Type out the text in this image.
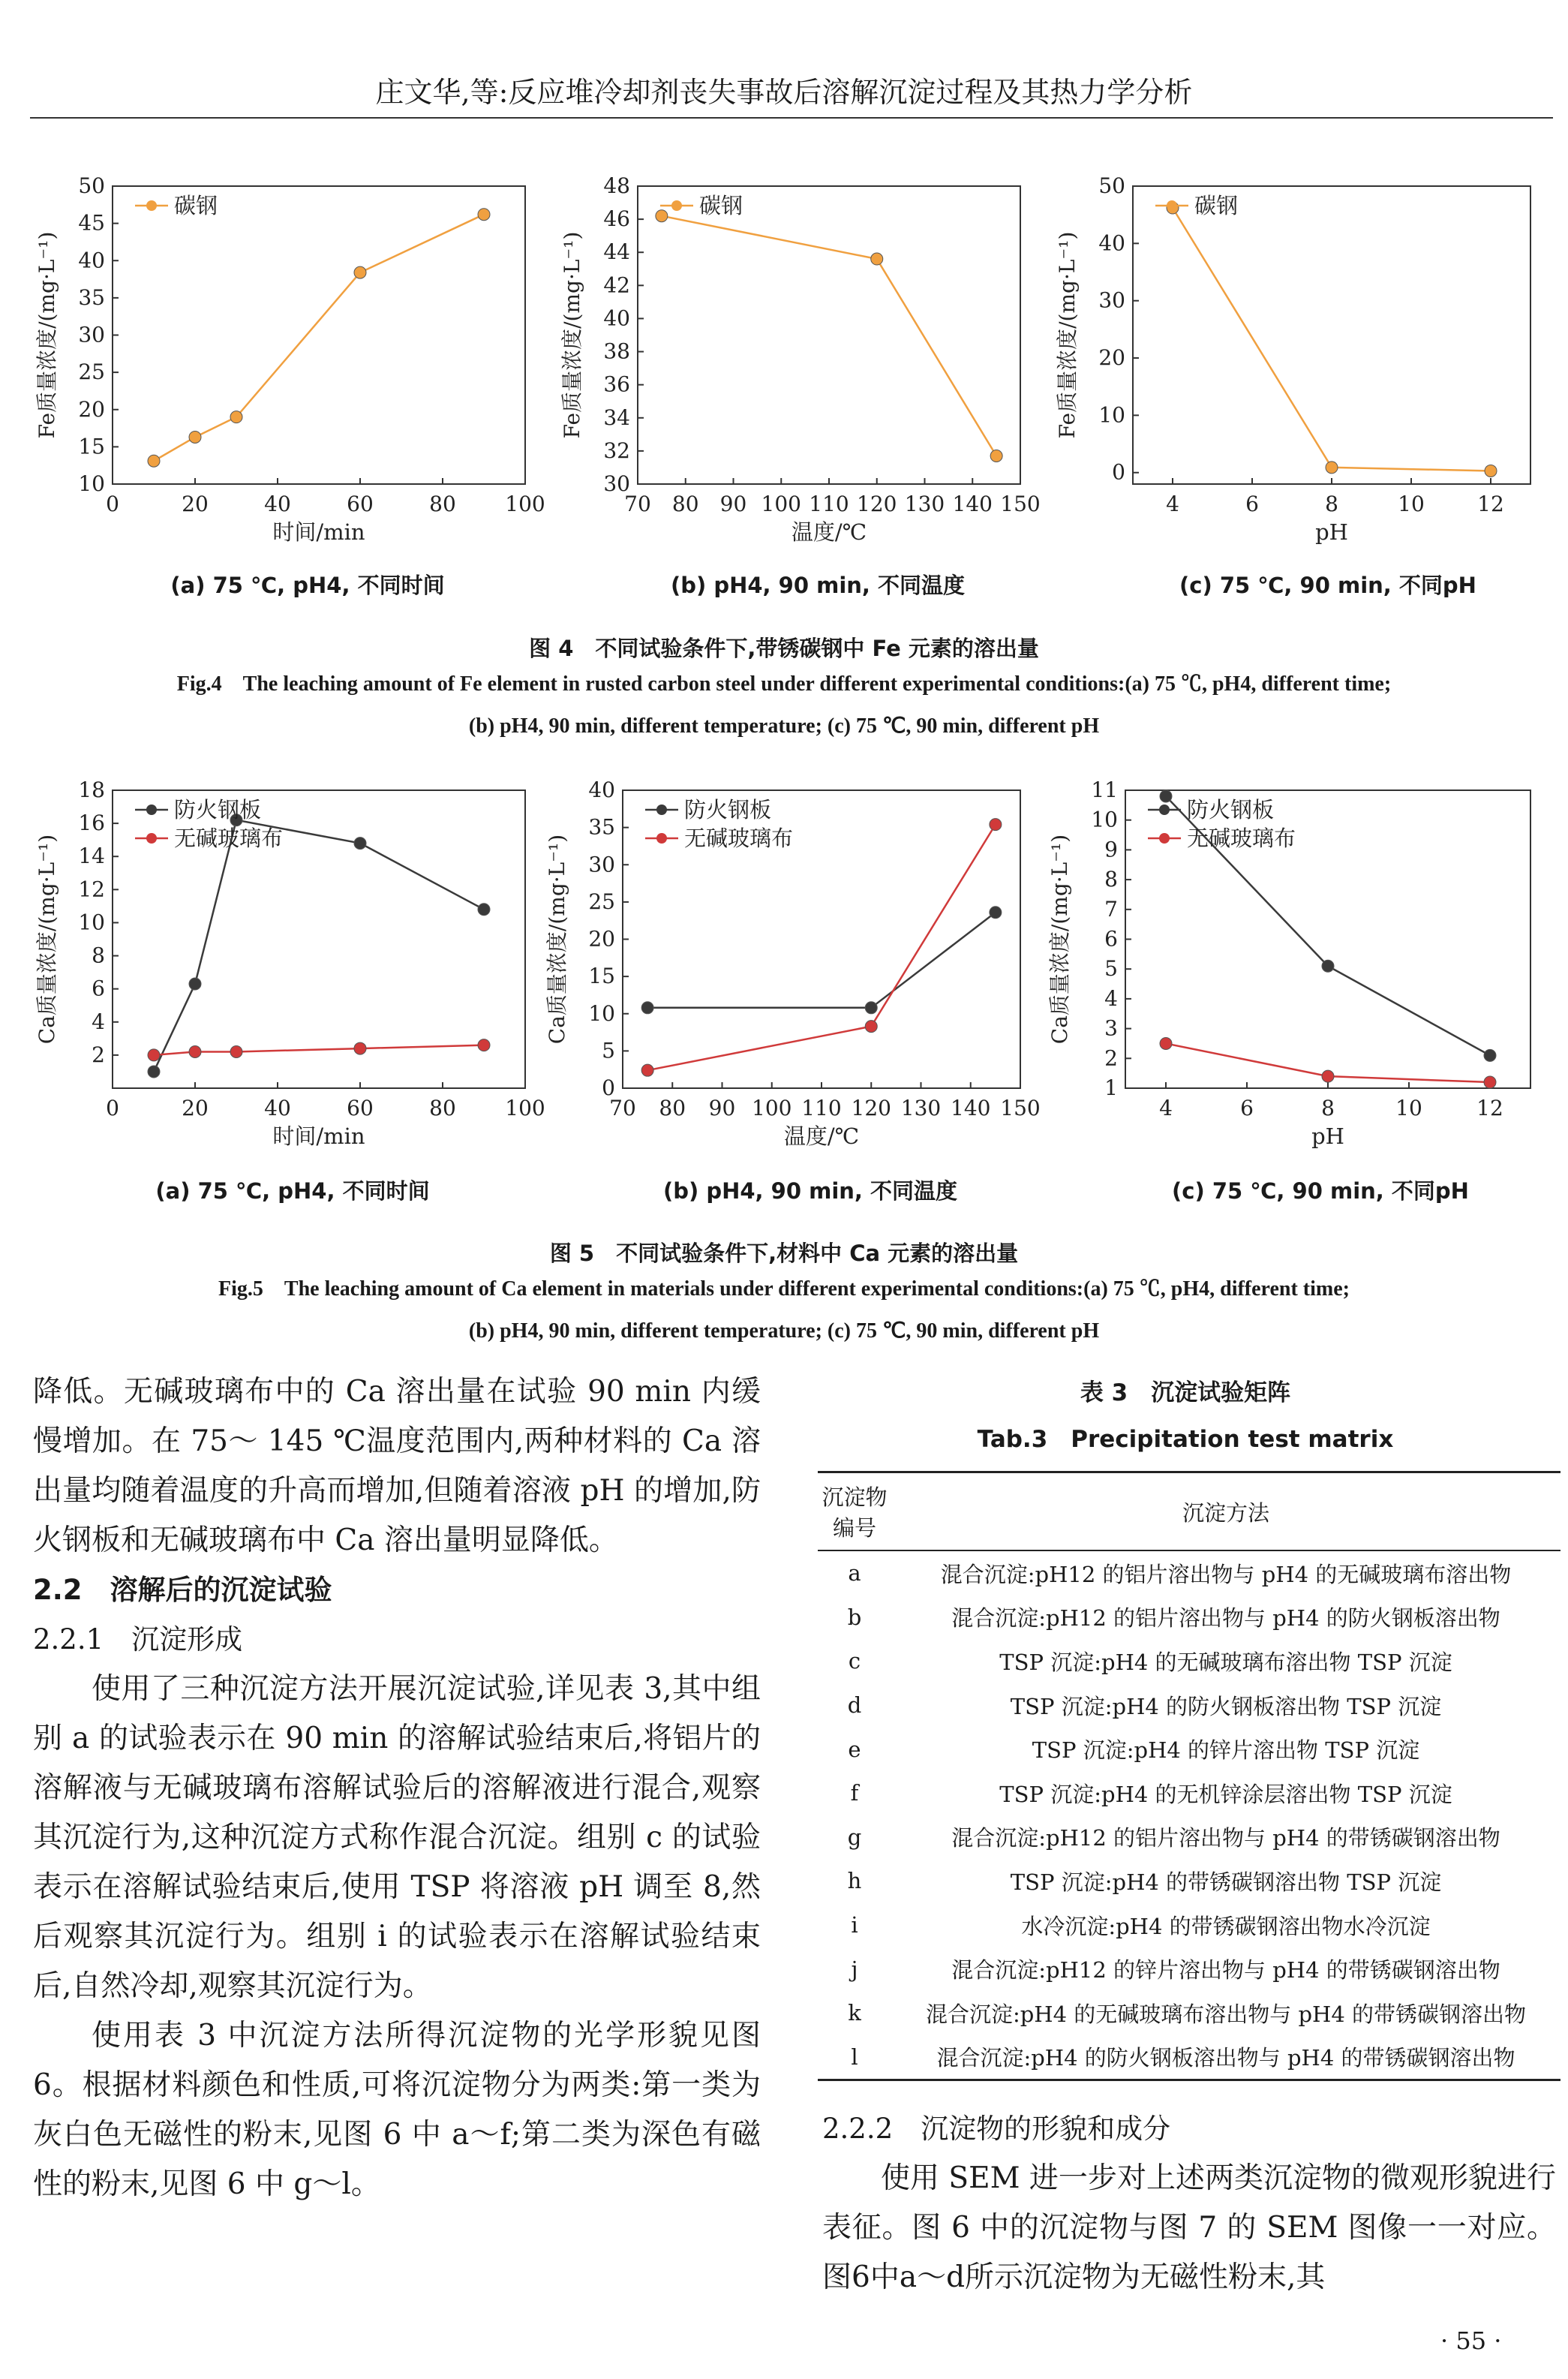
庄文华,等:反应堆冷却剂丧失事故后溶解沉淀过程及其热力学分析
0	20	40	60	80 100
10
15
20
25
30
35
40
45
50
时间/min
Fe质量浓度/(mg·L⁻¹)
碳钢
70 80 90 100 110 120 130 140 150
30
32
34
36
38
40
42
44
46
48
温度/℃
Fe质量浓度/(mg·L⁻¹)
碳钢
4	6	8	10	12
0
10
20
30
40
50
pH
Fe质量浓度/(mg·L⁻¹)
碳钢
(a) 75 ℃, pH4, 不同时间	(b) pH4, 90 min, 不同温度	(c) 75 ℃, 90 min, 不同pH
图 4　不同试验条件下,带锈碳钢中 Fe 元素的溶出量
Fig.4　The leaching amount of Fe element in rusted carbon steel under different experimental conditions:(a) 75 ℃, pH4, different time;
(b) pH4, 90 min, different temperature; (c) 75 ℃, 90 min, different pH
0	20	40	60	80 100
2
4
6
8
10
12
14
16
18
时间/min
Ca质量浓度/(mg·L⁻¹)
防火钢板
无碱玻璃布
70 80 90 100 110 120 130 140 150
0
5
10
15
20
25
30
35
40
温度/℃
Ca质量浓度/(mg·L⁻¹)
防火钢板
无碱玻璃布
4	6	8	10	12
1
2
3
4
5
6
7
8
9
10
11
pH
Ca质量浓度/(mg·L⁻¹)
防火钢板
无碱玻璃布
(a) 75 ℃, pH4, 不同时间	(b) pH4, 90 min, 不同温度	(c) 75 ℃, 90 min, 不同pH
图 5　不同试验条件下,材料中 Ca 元素的溶出量
Fig.5　The leaching amount of Ca element in materials under different experimental conditions:(a) 75 ℃, pH4, different time;
(b) pH4, 90 min, different temperature; (c) 75 ℃, 90 min, different pH

降低。无碱玻璃布中的 Ca 溶出量在试验 90 min 内缓慢增加。在 75～ 145 ℃温度范围内,两种材料的 Ca 溶出量均随着温度的升高而增加,但随着溶液 pH 的增加,防火钢板和无碱玻璃布中 Ca 溶出量明显降低。

2.2　溶解后的沉淀试验

2.2.1　沉淀形成

使用了三种沉淀方法开展沉淀试验,详见表 3,其中组别 a 的试验表示在 90 min 的溶解试验结束后,将铝片的溶解液与无碱玻璃布溶解试验后的溶解液进行混合,观察其沉淀行为,这种沉淀方式称作混合沉淀。组别 c 的试验表示在溶解试验结束后,使用 TSP 将溶液 pH 调至 8,然后观察其沉淀行为。组别 i 的试验表示在溶解试验结束后,自然冷却,观察其沉淀行为。

使用表 3 中沉淀方法所得沉淀物的光学形貌见图 6。根据材料颜色和性质,可将沉淀物分为两类:第一类为灰白色无磁性的粉末,见图 6 中 a～f;第二类为深色有磁性的粉末,见图 6 中 g～l。

表 3　沉淀试验矩阵
Tab.3　Precipitation test matrix
沉淀物
编号	沉淀方法
a	混合沉淀:pH12 的铝片溶出物与 pH4 的无碱玻璃布溶出物
b	混合沉淀:pH12 的铝片溶出物与 pH4 的防火钢板溶出物
c	TSP 沉淀:pH4 的无碱玻璃布溶出物 TSP 沉淀
d	TSP 沉淀:pH4 的防火钢板溶出物 TSP 沉淀
e	TSP 沉淀:pH4 的锌片溶出物 TSP 沉淀
f	TSP 沉淀:pH4 的无机锌涂层溶出物 TSP 沉淀
g	混合沉淀:pH12 的铝片溶出物与 pH4 的带锈碳钢溶出物
h	TSP 沉淀:pH4 的带锈碳钢溶出物 TSP 沉淀
i	水冷沉淀:pH4 的带锈碳钢溶出物水冷沉淀
j	混合沉淀:pH12 的锌片溶出物与 pH4 的带锈碳钢溶出物
k	混合沉淀:pH4 的无碱玻璃布溶出物与 pH4 的带锈碳钢溶出物
l	混合沉淀:pH4 的防火钢板溶出物与 pH4 的带锈碳钢溶出物

2.2.2　沉淀物的形貌和成分

使用 SEM 进一步对上述两类沉淀物的微观形貌进行表征。图 6 中的沉淀物与图 7 的 SEM 图像一一对应。图6中a～d所示沉淀物为无磁性粉末,其

· 55 ·
